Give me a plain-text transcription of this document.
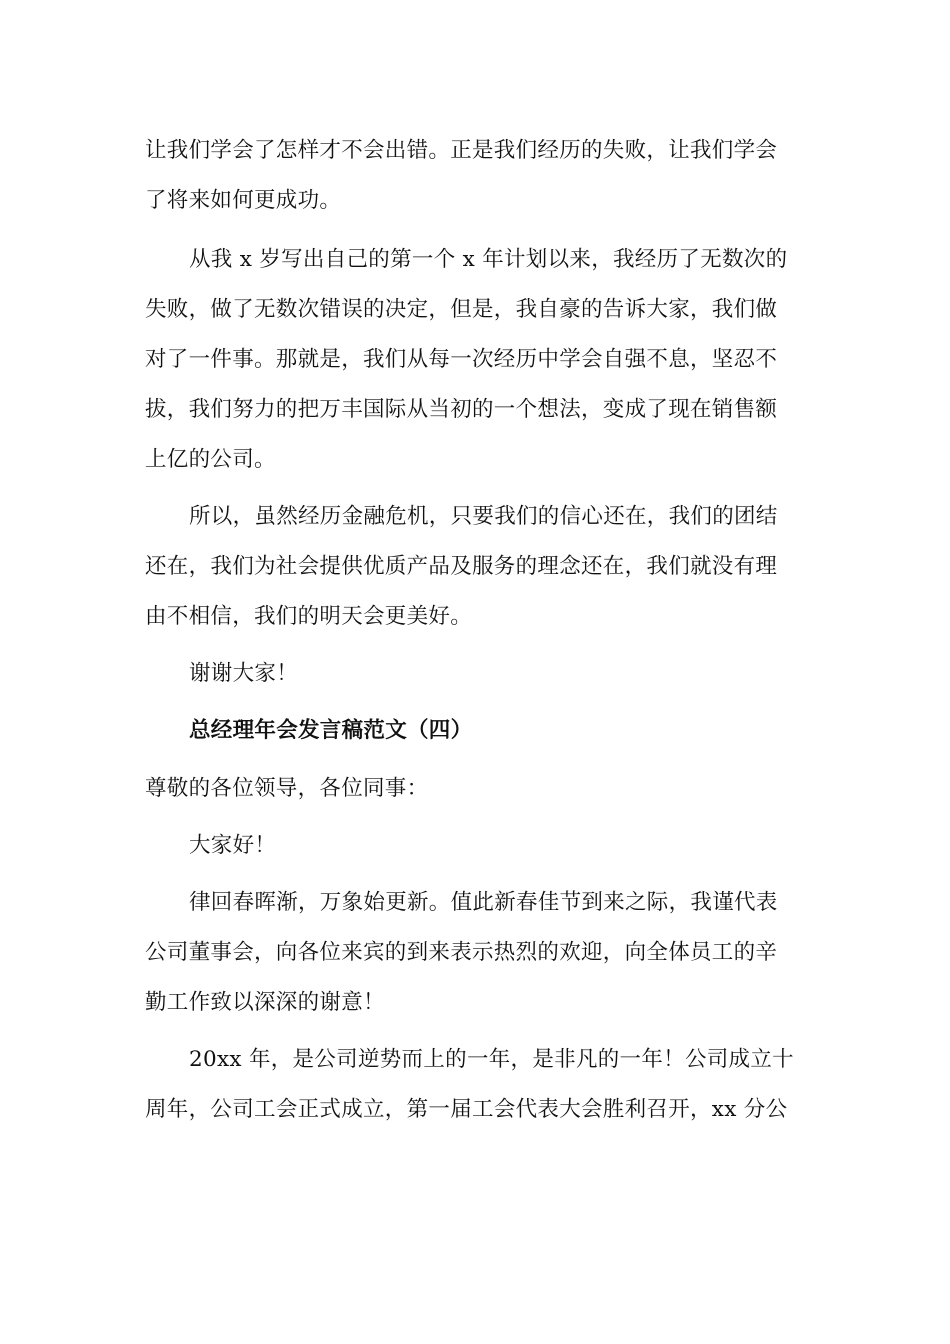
让我们学会了怎样才不会出错。正是我们经历的失败，让我们学会
了将来如何更成功。
从我 x 岁写出自己的第一个 x 年计划以来，我经历了无数次的
失败，做了无数次错误的决定，但是，我自豪的告诉大家，我们做
对了一件事。那就是，我们从每一次经历中学会自强不息，坚忍不
拔，我们努力的把万丰国际从当初的一个想法，变成了现在销售额
上亿的公司。
所以，虽然经历金融危机，只要我们的信心还在，我们的团结
还在，我们为社会提供优质产品及服务的理念还在，我们就没有理
由不相信，我们的明天会更美好。
谢谢大家！
总经理年会发言稿范文（四）
尊敬的各位领导，各位同事：
大家好！
律回春晖渐，万象始更新。值此新春佳节到来之际，我谨代表
公司董事会，向各位来宾的到来表示热烈的欢迎，向全体员工的辛
勤工作致以深深的谢意！
20xx 年，是公司逆势而上的一年，是非凡的一年！公司成立十
周年，公司工会正式成立，第一届工会代表大会胜利召开，xx 分公
